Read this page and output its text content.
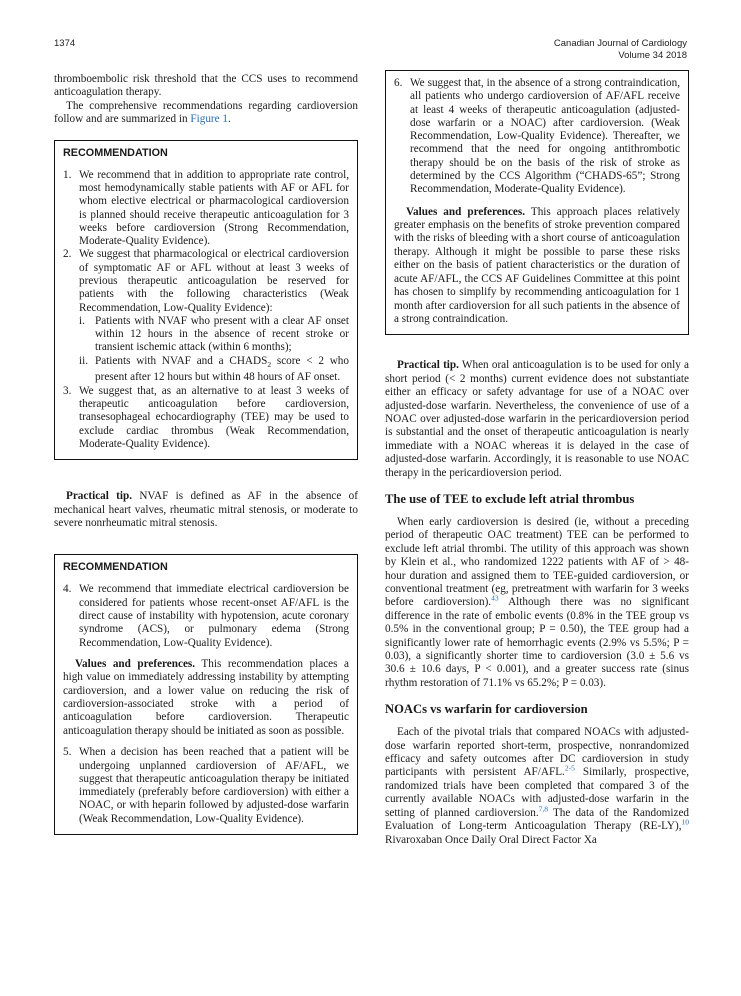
1374	Canadian Journal of Cardiology
Volume 34 2018

thromboembolic risk threshold that the CCS uses to recommend anticoagulation therapy.

The comprehensive recommendations regarding cardioversion follow and are summarized in Figure 1.

RECOMMENDATION
1. We recommend that in addition to appropriate rate control, most hemodynamically stable patients with AF or AFL for whom elective electrical or pharmacological cardioversion is planned should receive therapeutic anticoagulation for 3 weeks before cardioversion (Strong Recommendation, Moderate-Quality Evidence).
2. We suggest that pharmacological or electrical cardioversion of symptomatic AF or AFL without at least 3 weeks of previous therapeutic anticoagulation be reserved for patients with the following characteristics (Weak Recommendation, Low-Quality Evidence):
i. Patients with NVAF who present with a clear AF onset within 12 hours in the absence of recent stroke or transient ischemic attack (within 6 months);
ii. Patients with NVAF and a $CHADS_2$ score < 2 who present after 12 hours but within 48 hours of AF onset.
3. We suggest that, as an alternative to at least 3 weeks of therapeutic anticoagulation before cardioversion, transesophageal echocardiography (TEE) may be used to exclude cardiac thrombus (Weak Recommendation, Moderate-Quality Evidence).

Practical tip. NVAF is defined as AF in the absence of mechanical heart valves, rheumatic mitral stenosis, or moderate to severe nonrheumatic mitral stenosis.

RECOMMENDATION
4. We recommend that immediate electrical cardioversion be considered for patients whose recent-onset AF/AFL is the direct cause of instability with hypotension, acute coronary syndrome (ACS), or pulmonary edema (Strong Recommendation, Low-Quality Evidence).

Values and preferences. This recommendation places a high value on immediately addressing instability by attempting cardioversion, and a lower value on reducing the risk of cardioversion-associated stroke with a period of anticoagulation before cardioversion. Therapeutic anticoagulation therapy should be initiated as soon as possible.

5. When a decision has been reached that a patient will be undergoing unplanned cardioversion of AF/AFL, we suggest that therapeutic anticoagulation therapy be initiated immediately (preferably before cardioversion) with either a NOAC, or with heparin followed by adjusted-dose warfarin (Weak Recommendation, Low-Quality Evidence).
6. We suggest that, in the absence of a strong contraindication, all patients who undergo cardioversion of AF/AFL receive at least 4 weeks of therapeutic anticoagulation (adjusted-dose warfarin or a NOAC) after cardioversion. (Weak Recommendation, Low-Quality Evidence). Thereafter, we recommend that the need for ongoing antithrombotic therapy should be on the basis of the risk of stroke as determined by the CCS Algorithm (“CHADS-65”; Strong Recommendation, Moderate-Quality Evidence).

Values and preferences. This approach places relatively greater emphasis on the benefits of stroke prevention compared with the risks of bleeding with a short course of anticoagulation therapy. Although it might be possible to parse these risks either on the basis of patient characteristics or the duration of acute AF/AFL, the CCS AF Guidelines Committee at this point has chosen to simplify by recommending anticoagulation for 1 month after cardioversion for all such patients in the absence of a strong contraindication.

Practical tip. When oral anticoagulation is to be used for only a short period (< 2 months) current evidence does not substantiate either an efficacy or safety advantage for use of a NOAC over adjusted-dose warfarin. Nevertheless, the convenience of use of a NOAC over adjusted-dose warfarin in the pericardioversion period is substantial and the onset of therapeutic anticoagulation is nearly immediate with a NOAC whereas it is delayed in the case of adjusted-dose warfarin. Accordingly, it is reasonable to use NOAC therapy in the pericardioversion period.

The use of TEE to exclude left atrial thrombus

When early cardioversion is desired (ie, without a preceding period of therapeutic OAC treatment) TEE can be performed to exclude left atrial thrombi. The utility of this approach was shown by Klein et al., who randomized 1222 patients with AF of > 48-hour duration and assigned them to TEE-guided cardioversion, or conventional treatment (eg, pretreatment with warfarin for 3 weeks before cardioversion).$^{43}$ Although there was no significant difference in the rate of embolic events (0.8% in the TEE group vs 0.5% in the conventional group; P = 0.50), the TEE group had a significantly lower rate of hemorrhagic events (2.9% vs 5.5%; P = 0.03), a significantly shorter time to cardioversion (3.0 ± 5.6 vs 30.6 ± 10.6 days, P < 0.001), and a greater success rate (sinus rhythm restoration of 71.1% vs 65.2%; P = 0.03).

NOACs vs warfarin for cardioversion

Each of the pivotal trials that compared NOACs with adjusted-dose warfarin reported short-term, prospective, nonrandomized efficacy and safety outcomes after DC cardioversion in study participants with persistent AF/AFL.$^{2-5}$ Similarly, prospective, randomized trials have been completed that compared 3 of the currently available NOACs with adjusted-dose warfarin in the setting of planned cardioversion.$^{7,8}$ The data of the Randomized Evaluation of Long-term Anticoagulation Therapy (RE-LY),$^{10}$ Rivaroxaban Once Daily Oral Direct Factor Xa
